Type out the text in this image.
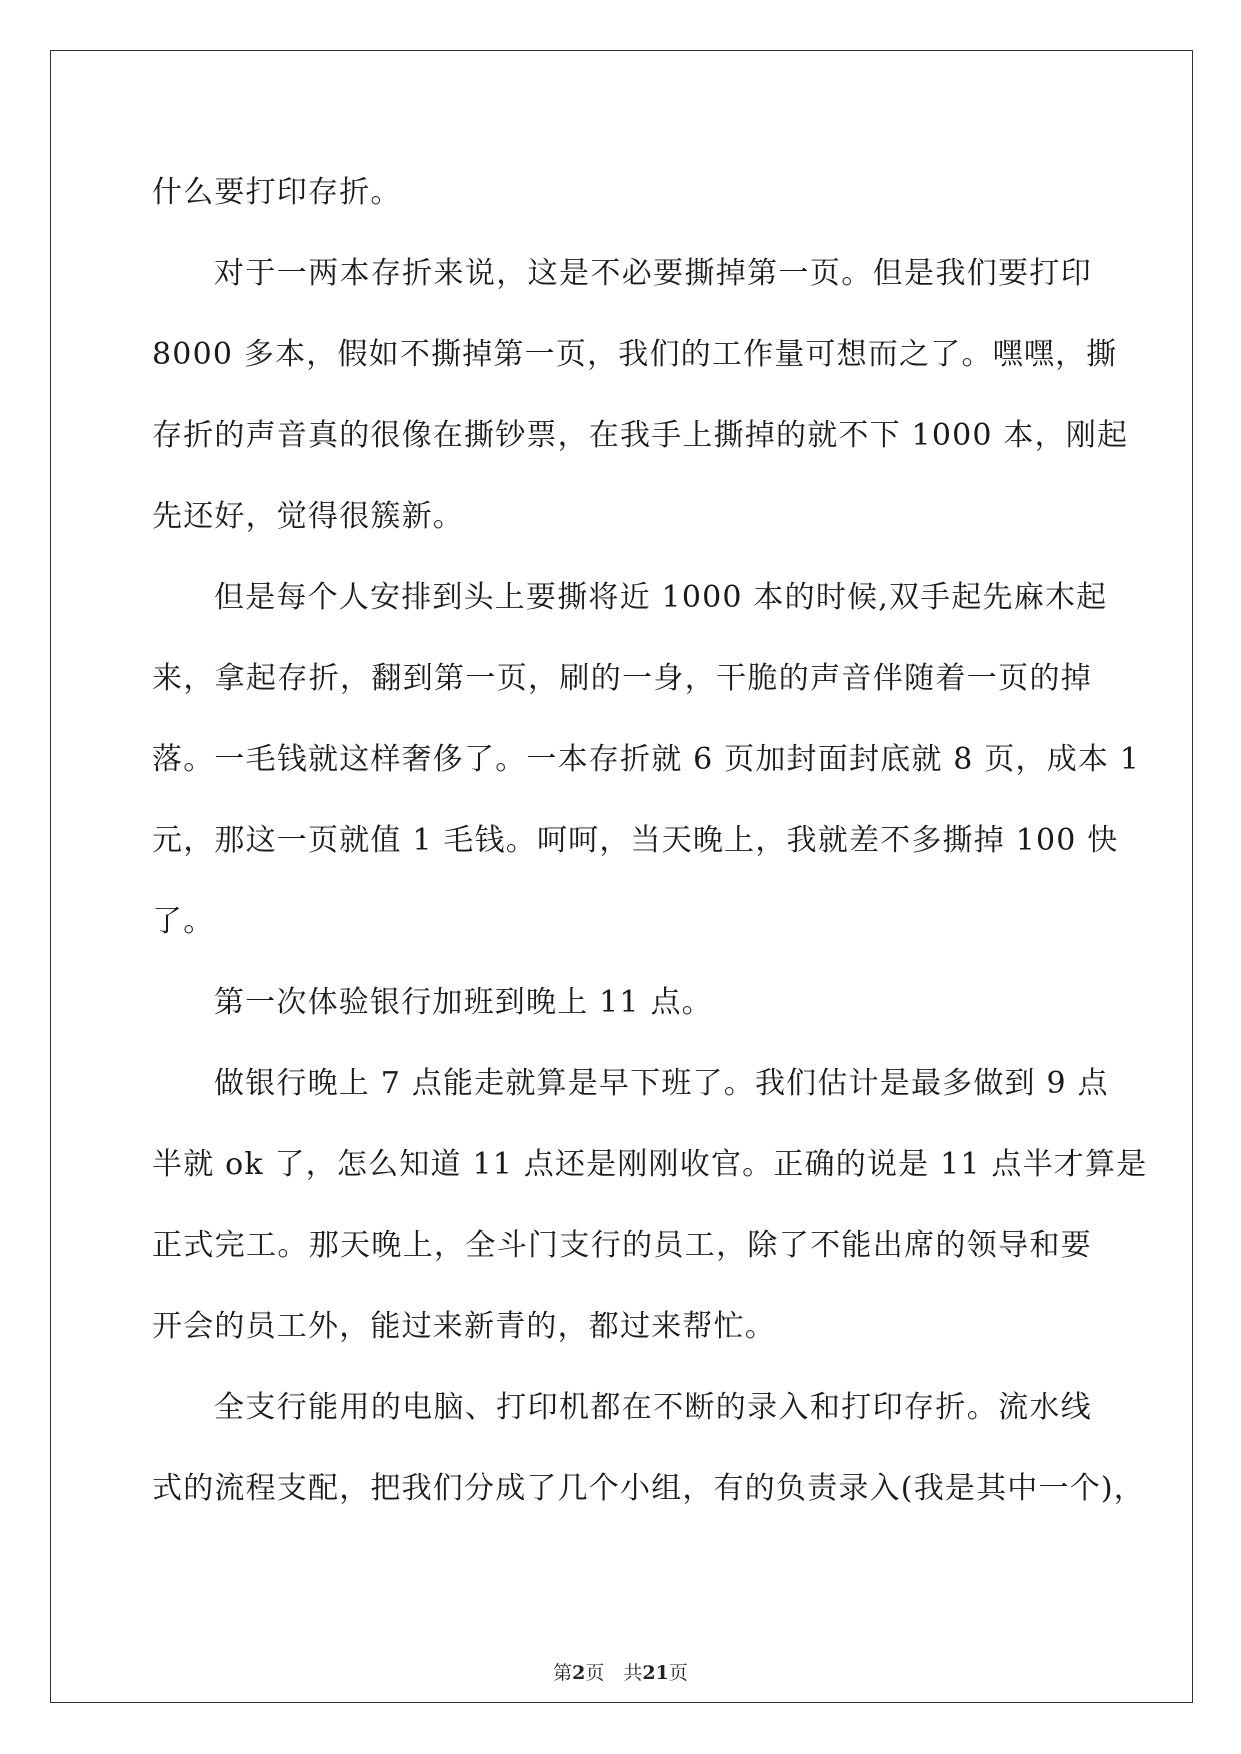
什么要打印存折。

对于一两本存折来说，这是不必要撕掉第一页。但是我们要打印

8000 多本，假如不撕掉第一页，我们的工作量可想而之了。嘿嘿，撕

存折的声音真的很像在撕钞票，在我手上撕掉的就不下 1000 本，刚起

先还好，觉得很簇新。

但是每个人安排到头上要撕将近 1000 本的时候,双手起先麻木起

来，拿起存折，翻到第一页，刷的一身，干脆的声音伴随着一页的掉

落。一毛钱就这样奢侈了。一本存折就 6 页加封面封底就 8 页，成本 1

元，那这一页就值 1 毛钱。呵呵，当天晚上，我就差不多撕掉 100 快

了。

第一次体验银行加班到晚上 11 点。

做银行晚上 7 点能走就算是早下班了。我们估计是最多做到 9 点

半就 ok 了，怎么知道 11 点还是刚刚收官。正确的说是 11 点半才算是

正式完工。那天晚上，全斗门支行的员工，除了不能出席的领导和要

开会的员工外，能过来新青的，都过来帮忙。

全支行能用的电脑、打印机都在不断的录入和打印存折。流水线

式的流程支配，把我们分成了几个小组，有的负责录入(我是其中一个)，

第2页　共21页
